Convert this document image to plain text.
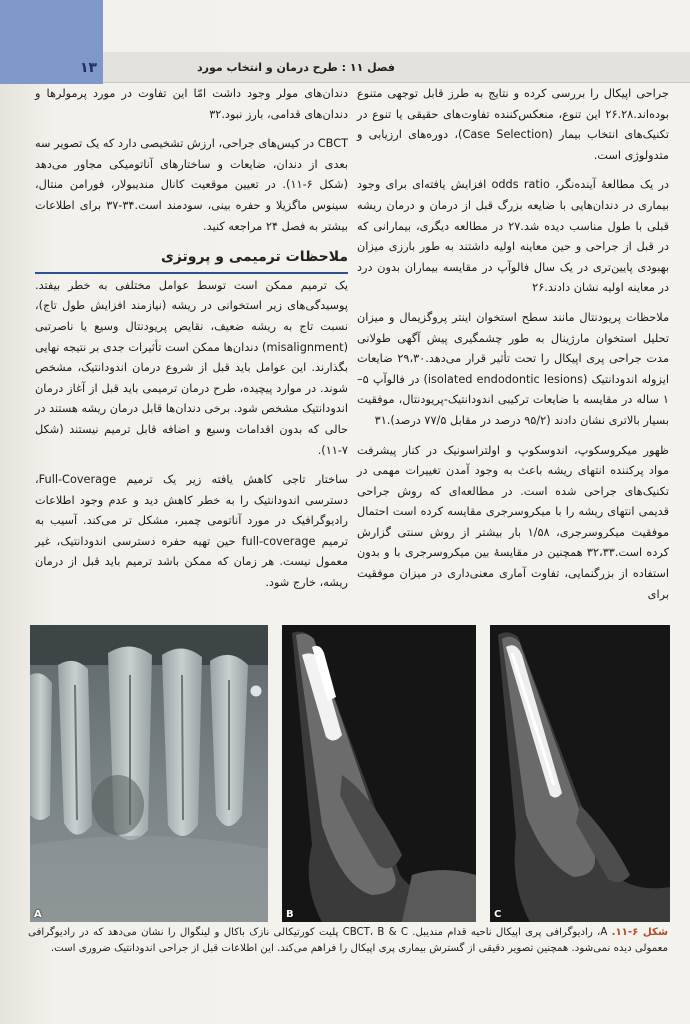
۱۳	فصل ۱۱ : طرح درمان و انتخاب مورد

جراحی اپیکال را بررسی کرده و نتایج به طرز قابل توجهی متنوع بوده‌اند.۲۶.۲۸ این تنوع، منعکس‌کننده تفاوت‌های حقیقی یا تنوع در تکنیک‌های انتخاب بیمار (Case Selection)، دوره‌های ارزیابی و متدولوژی است.

در یک مطالعهٔ آینده‌نگر، odds ratio افزایش یافته‌ای برای وجود بیماری در دندان‌هایی با ضایعه بزرگ قبل از درمان و درمان ریشه قبلی با طول مناسب دیده شد.۲۷ در مطالعه دیگری، بیمارانی که در قبل از جراحی و حین معاینه اولیه داشتند به طور بارزی میزان بهبودی پایین‌تری در یک سال فالوآپ در مقایسه بیماران بدون درد در معاینه اولیه نشان دادند.۲۶

ملاحظات پریودنتال مانند سطح استخوان اینتر پروگزیمال و میزان تحلیل استخوان مارژینال به طور چشمگیری پیش آگهی طولانی مدت جراحی پری اپیکال را تحت تأثیر قرار می‌دهد.۲۹،۳۰ ضایعات ایزوله اندودانتیک (isolated endodontic lesions) در فالوآپ ۵–۱ ساله در مقایسه با ضایعات ترکیبی اندودانتیک-پریودنتال، موفقیت بسیار بالاتری نشان دادند (۹۵/۲ درصد در مقابل ۷۷/۵ درصد).۳۱

ظهور میکروسکوپ، اندوسکوپ و اولتراسونیک در کنار پیشرفت مواد پرکننده انتهای ریشه باعث به وجود آمدن تغییرات مهمی در تکنیک‌های جراحی شده است. در مطالعه‌ای که روش جراحی قدیمی انتهای ریشه را با میکروسرجری مقایسه کرده است احتمال موفقیت میکروسرجری، ۱/۵۸ بار بیشتر از روش سنتی گزارش کرده است.۳۲،۳۳ همچنین در مقایسهٔ بین میکروسرجری با و بدون استفاده از بزرگنمایی، تفاوت آماری معنی‌داری در میزان موفقیت برای

دندان‌های مولر وجود داشت امّا این تفاوت در مورد پرمولرها و دندان‌های قدامی، بارز نبود.۳۲

CBCT در کیس‌های جراحی، ارزش تشخیصی دارد که یک تصویر سه بعدی از دندان، ضایعات و ساختارهای آناتومیکی مجاور می‌دهد (شکل ۶-۱۱). در تعیین موقعیت کانال مندیبولار، فورامن منتال، سینوس ماگزیلا و حفره بینی، سودمند است.۳۴-۳۷ برای اطلاعات بیشتر به فصل ۲۴ مراجعه کنید.

ملاحظات ترمیمی و پروتزی

یک ترمیم ممکن است توسط عوامل مختلفی به خطر بیفتد. پوسیدگی‌های زیر استخوانی در ریشه (نیازمند افزایش طول تاج)، نسبت تاج به ریشه ضعیف، نقایص پریودنتال وسیع یا ناصرتبی (misalignment) دندان‌ها ممکن است تأثیرات جدی بر نتیجه نهایی بگذارند. این عوامل باید قبل از شروع درمان اندودانتیک، مشخص شوند. در موارد پیچیده، طرح درمان ترمیمی باید قبل از آغاز درمان اندودانتیک مشخص شود. برخی دندان‌ها قابل درمان ریشه هستند در حالی که بدون اقدامات وسیع و اضافه قابل ترمیم نیستند (شکل ۷-۱۱).

ساختار تاجی کاهش یافته زیر یک ترمیم Full-Coverage، دسترسی اندودانتیک را به خطر کاهش دید و عدم وجود اطلاعات رادیوگرافیک در مورد آناتومی چمبر، مشکل تر می‌کند. آسیب به ترمیم full-coverage حین تهیه حفره دسترسی اندودانتیک، غیر معمول نیست. هر زمان که ممکن باشد ترمیم باید قبل از درمان ریشه، خارج شود.

A	B	C
شکل ۶-۱۱. A، رادیوگرافی پری اپیکال ناحیه قدام مندیبل. CBCT، B & C پلیت کورتیکالی نازک باکال و لینگوال را نشان می‌دهد که در رادیوگرافی معمولی دیده نمی‌شود. همچنین تصویر دقیقی از گسترش بیماری پری اپیکال را فراهم می‌کند. این اطلاعات قبل از جراحی اندودانتیک ضروری است.
